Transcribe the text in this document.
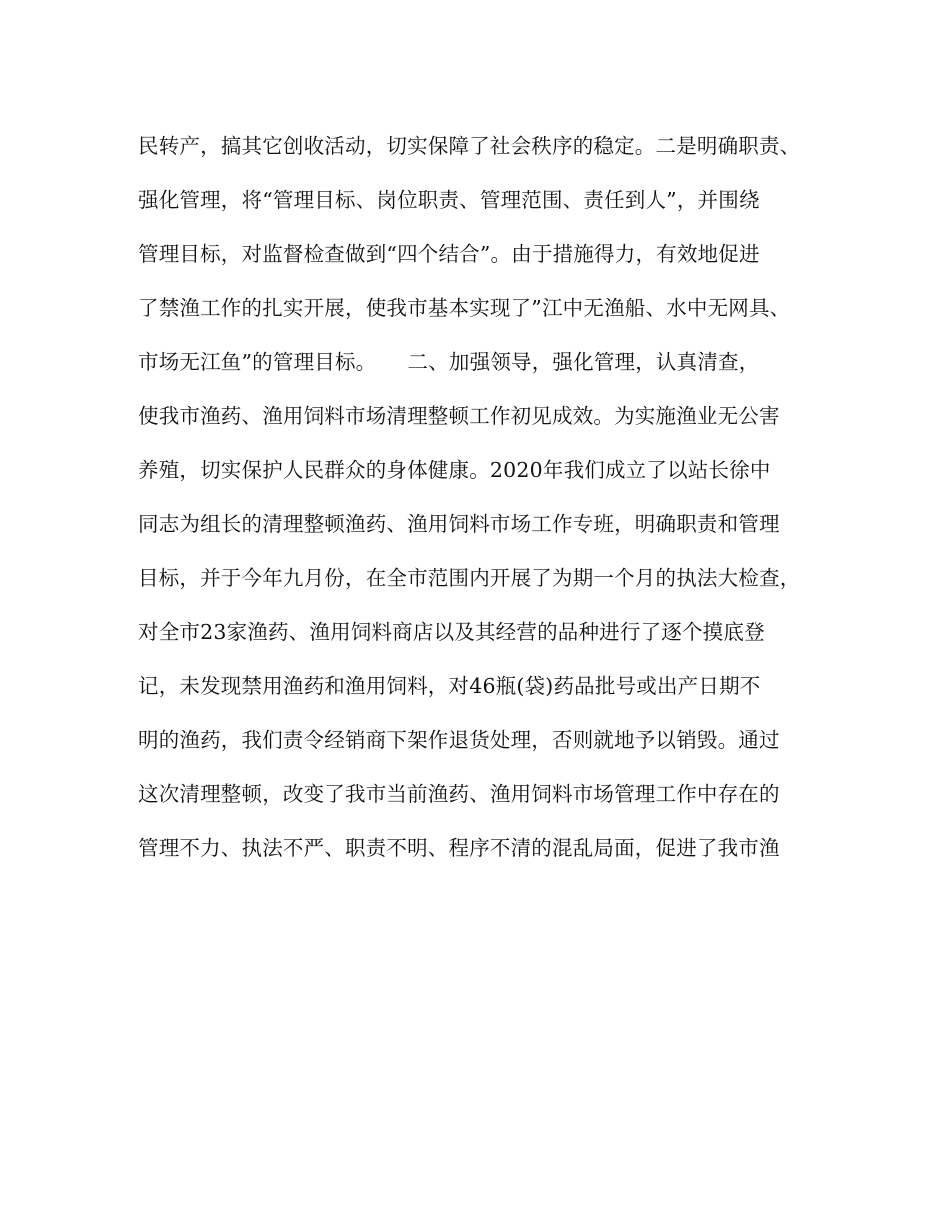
民转产，搞其它创收活动，切实保障了社会秩序的稳定。二是明确职责、
强化管理，将“管理目标、岗位职责、管理范围、责任到人”，并围绕
管理目标，对监督检查做到“四个结合”。由于措施得力，有效地促进
了禁渔工作的扎实开展，使我市基本实现了”江中无渔船、水中无网具、
市场无江鱼”的管理目标。　　二、加强领导，强化管理，认真清查，
使我市渔药、渔用饲料市场清理整顿工作初见成效。为实施渔业无公害
养殖，切实保护人民群众的身体健康。2020年我们成立了以站长徐中
同志为组长的清理整顿渔药、渔用饲料市场工作专班，明确职责和管理
目标，并于今年九月份，在全市范围内开展了为期一个月的执法大检查，
对全市23家渔药、渔用饲料商店以及其经营的品种进行了逐个摸底登
记，未发现禁用渔药和渔用饲料，对46瓶(袋)药品批号或出产日期不
明的渔药，我们责令经销商下架作退货处理，否则就地予以销毁。通过
这次清理整顿，改变了我市当前渔药、渔用饲料市场管理工作中存在的
管理不力、执法不严、职责不明、程序不清的混乱局面，促进了我市渔
